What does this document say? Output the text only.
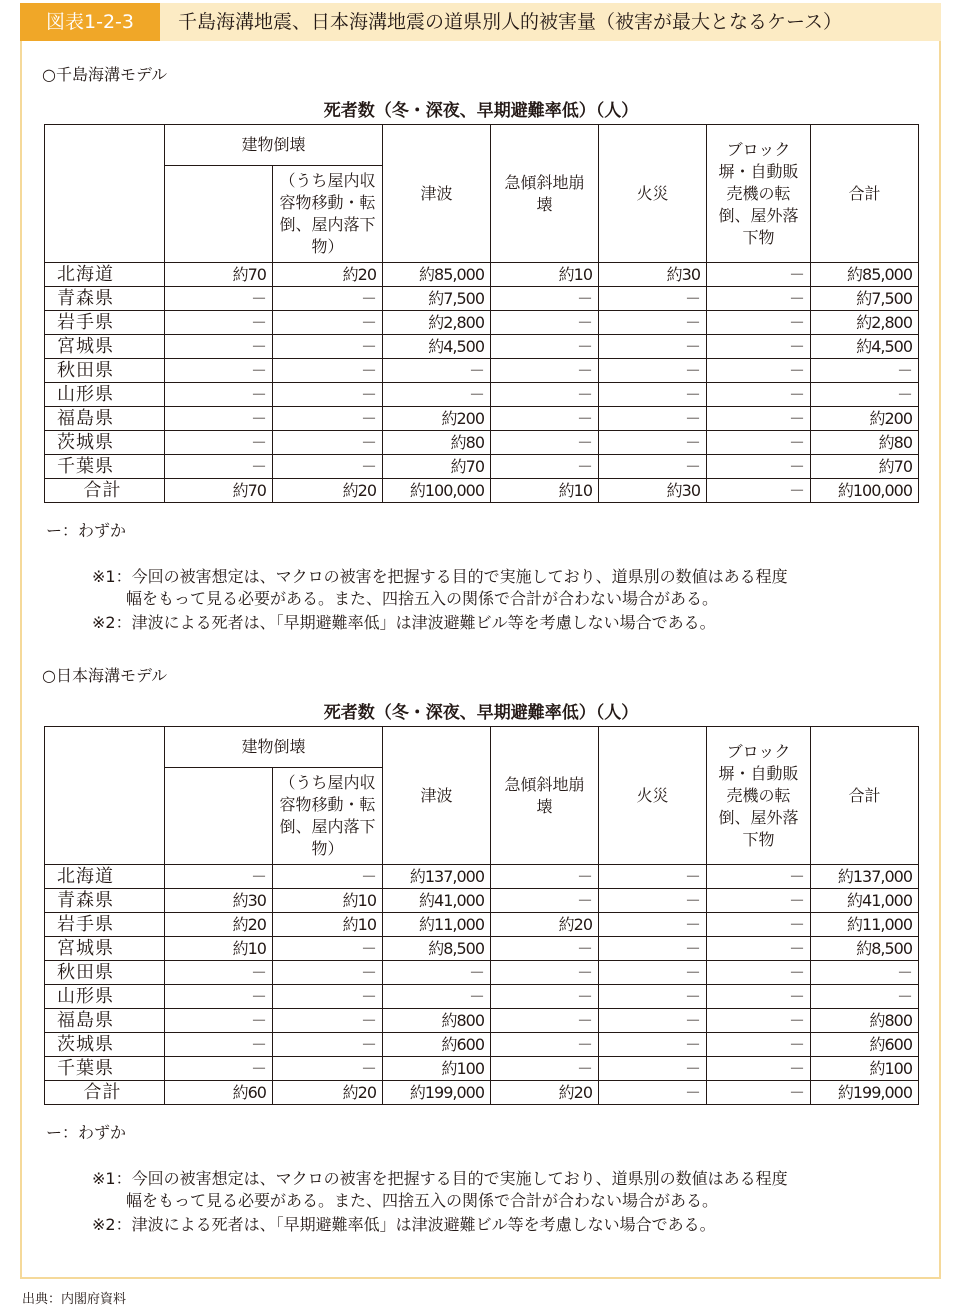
図表1-2-3	千島海溝地震、日本海溝地震の道県別人的被害量（被害が最大となるケース）
○千島海溝モデル
死者数（冬・深夜、早期避難率低）（人）
	建物倒壊		津波	急傾斜地崩壊	火災	ブロック塀・自動販売機の転倒、屋外落下物	合計
		（うち屋内収容物移動・転倒、屋内落下物）					
北海道	約70	約20	約85,000	約10	約30	－	約85,000
青森県	－	－	約7,500	－	－	－	約7,500
岩手県	－	－	約2,800	－	－	－	約2,800
宮城県	－	－	約4,500	－	－	－	約4,500
秋田県	－	－	－	－	－	－	－
山形県	－	－	－	－	－	－	－
福島県	－	－	約200	－	－	－	約200
茨城県	－	－	約80	－	－	－	約80
千葉県	－	－	約70	－	－	－	約70
合計	約70	約20	約100,000	約10	約30	－	約100,000
ー：わずか
※1：今回の被害想定は、マクロの被害を把握する目的で実施しており、道県別の数値はある程度
幅をもって見る必要がある。また、四捨五入の関係で合計が合わない場合がある。
※2：津波による死者は、「早期避難率低」は津波避難ビル等を考慮しない場合である。
○日本海溝モデル
死者数（冬・深夜、早期避難率低）（人）
	建物倒壊		津波	急傾斜地崩壊	火災	ブロック塀・自動販売機の転倒、屋外落下物	合計
		（うち屋内収容物移動・転倒、屋内落下物）					
北海道	－	－	約137,000	－	－	－	約137,000
青森県	約30	約10	約41,000	－	－	－	約41,000
岩手県	約20	約10	約11,000	約20	－	－	約11,000
宮城県	約10	－	約8,500	－	－	－	約8,500
秋田県	－	－	－	－	－	－	－
山形県	－	－	－	－	－	－	－
福島県	－	－	約800	－	－	－	約800
茨城県	－	－	約600	－	－	－	約600
千葉県	－	－	約100	－	－	－	約100
合計	約60	約20	約199,000	約20	－	－	約199,000
ー：わずか
※1：今回の被害想定は、マクロの被害を把握する目的で実施しており、道県別の数値はある程度
幅をもって見る必要がある。また、四捨五入の関係で合計が合わない場合がある。
※2：津波による死者は、「早期避難率低」は津波避難ビル等を考慮しない場合である。
出典：内閣府資料
